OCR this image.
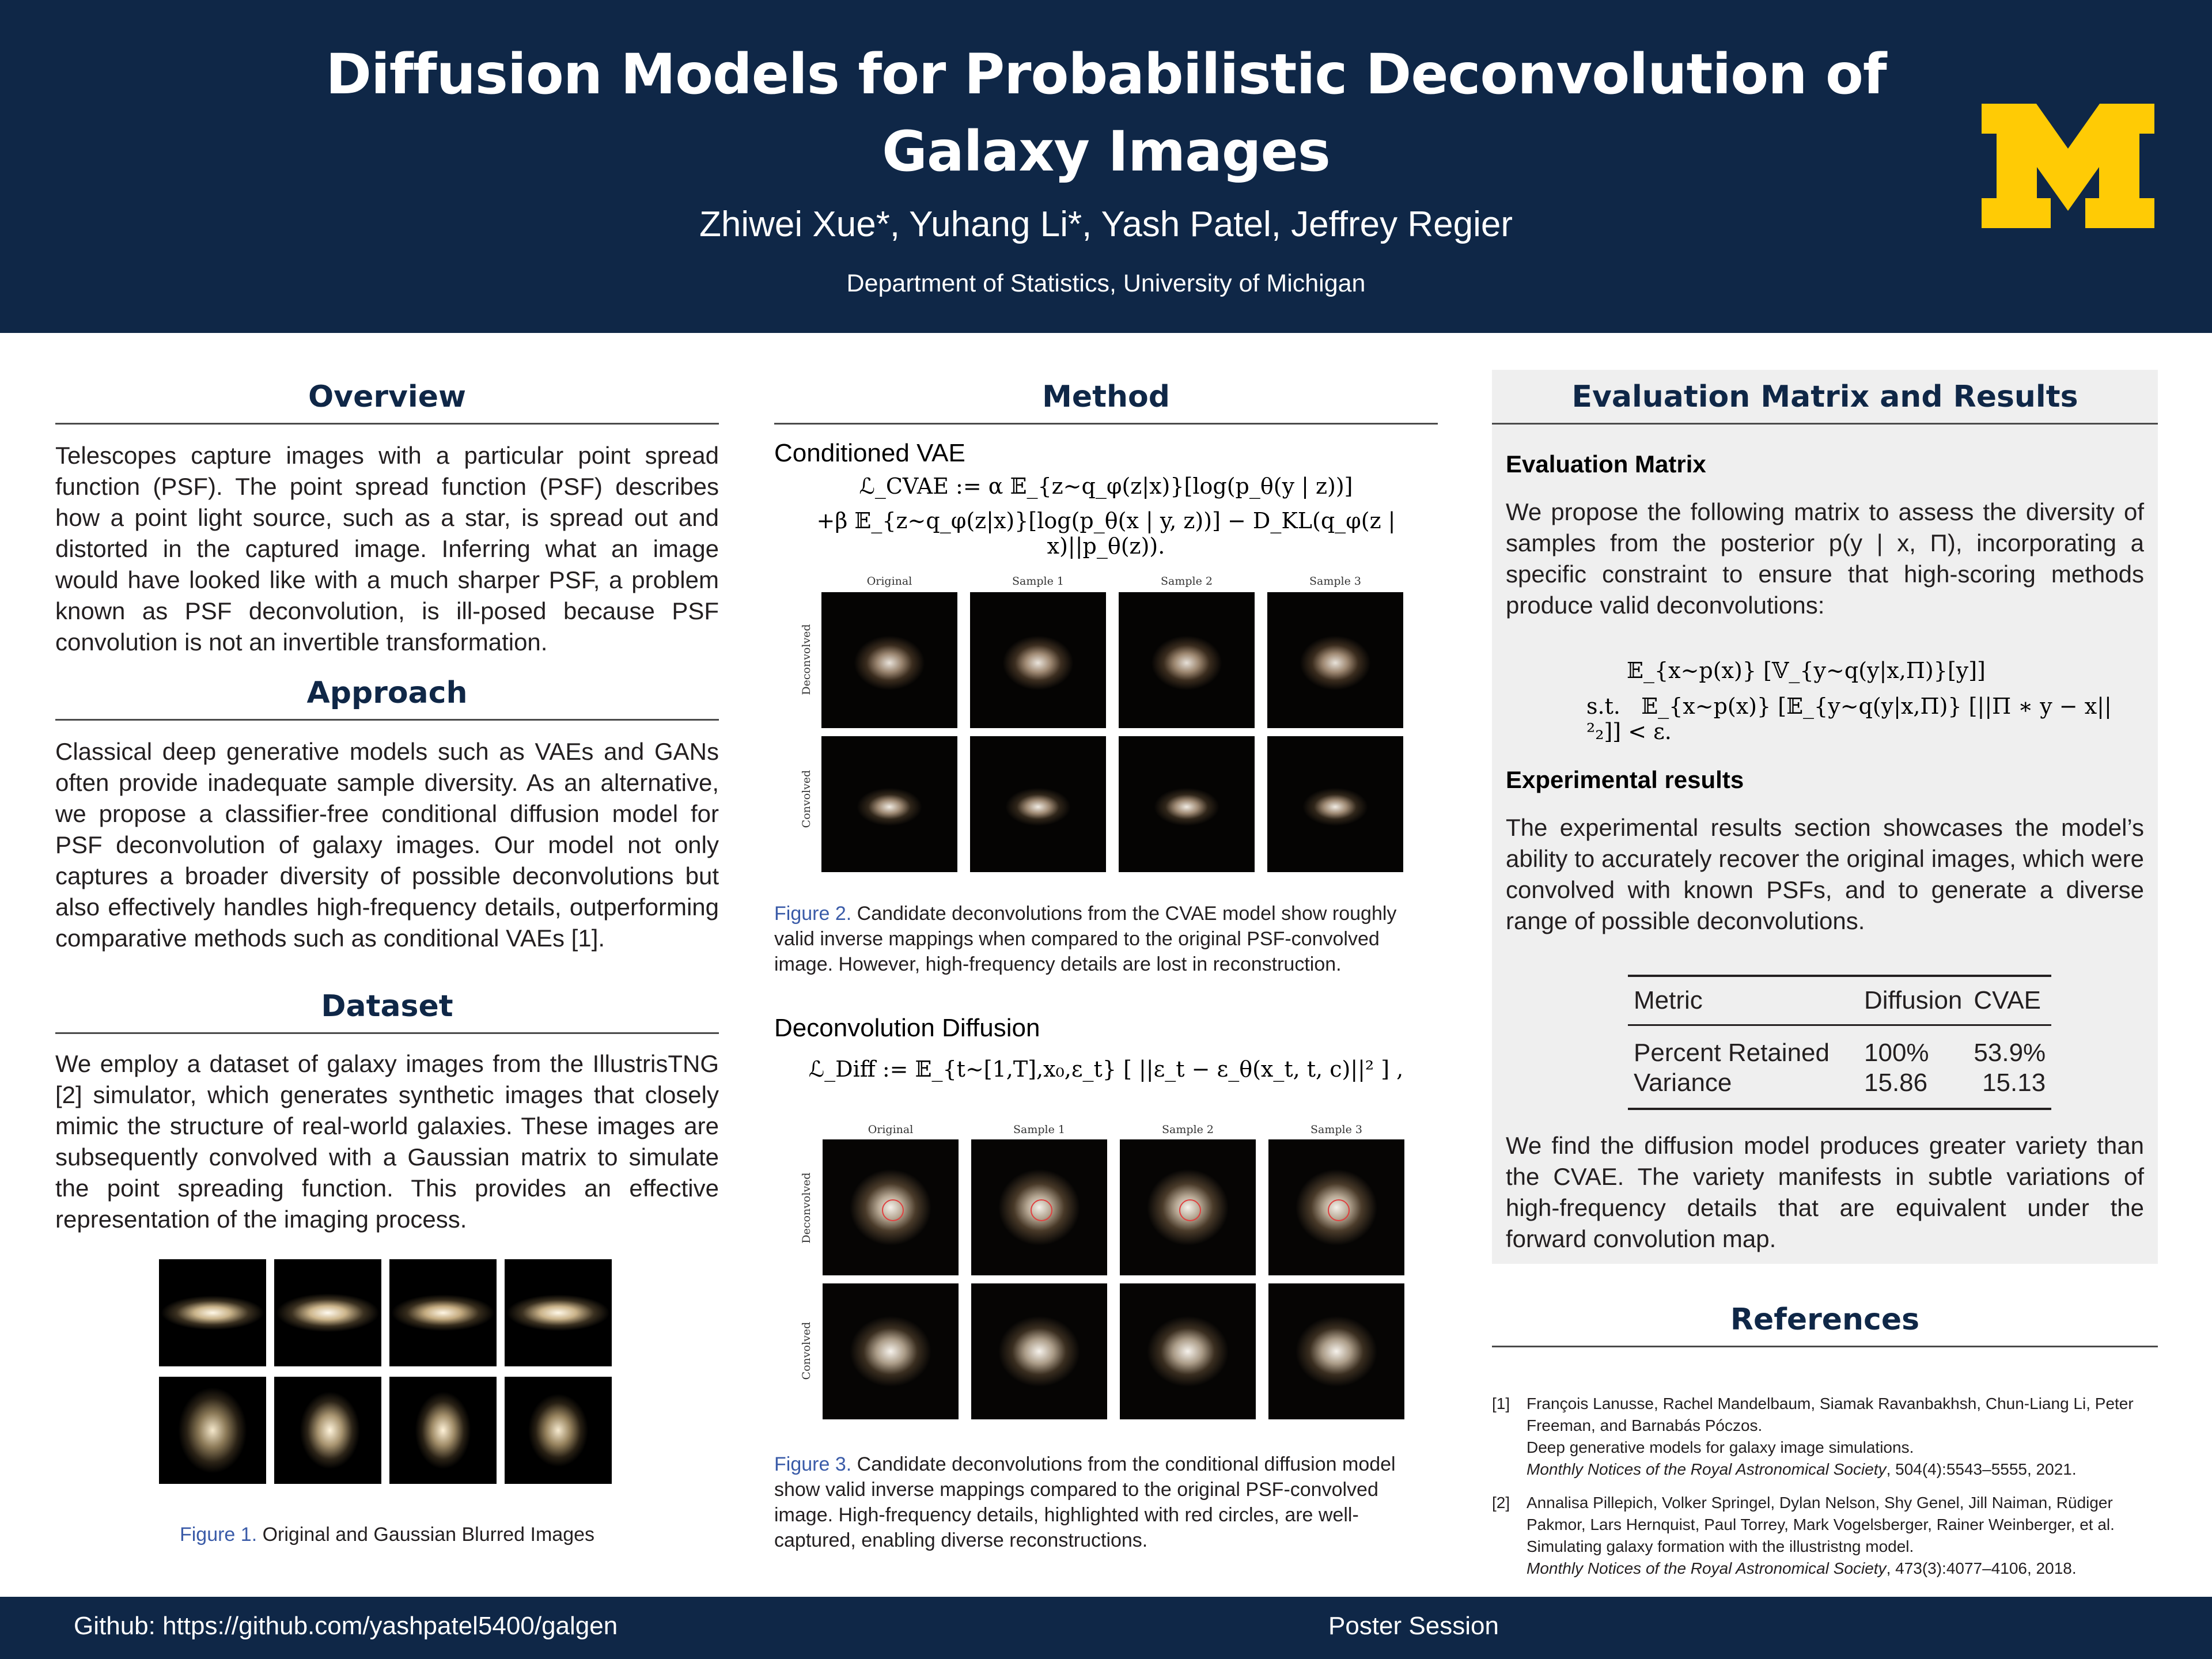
Diffusion Models for Probabilistic Deconvolution of
Galaxy Images
Zhiwei Xue*, Yuhang Li*, Yash Patel, Jeffrey Regier
Department of Statistics, University of Michigan
Overview
Telescopes capture images with a particular point spread function (PSF). The point spread function (PSF) describes how a point light source, such as a star, is spread out and distorted in the captured image. Inferring what an image would have looked like with a much sharper PSF, a problem known as PSF deconvolution, is ill-posed because PSF convolution is not an invertible transformation.
Approach
Classical deep generative models such as VAEs and GANs often provide inadequate sample diversity. As an alternative, we propose a classifier-free conditional diffusion model for PSF deconvolution of galaxy images. Our model not only captures a broader diversity of possible deconvolutions but also effectively handles high-frequency details, outperforming comparative methods such as conditional VAEs [1].
Dataset
We employ a dataset of galaxy images from the IllustrisTNG [2] simulator, which generates synthetic images that closely mimic the structure of real-world galaxies. These images are subsequently convolved with a Gaussian matrix to simulate the point spreading function. This provides an effective representation of the imaging process.
Figure 1. Original and Gaussian Blurred Images
Method
Conditioned VAE
ℒ_CVAE := α 𝔼_{z∼q_φ(z|x)}[log(p_θ(y | z))]
+β 𝔼_{z∼q_φ(z|x)}[log(p_θ(x | y, z))] − D_KL(q_φ(z | x)||p_θ(z)).
Original	Sample 1	Sample 2	Sample 3
Deconvolved
Convolved
Figure 2. Candidate deconvolutions from the CVAE model show roughly valid inverse mappings when compared to the original PSF-convolved image. However, high-frequency details are lost in reconstruction.
Deconvolution Diffusion
ℒ_Diff := 𝔼_{t∼[1,T],x₀,ε_t} [ ||ε_t − ε_θ(x_t, t, c)||² ] ,
Original	Sample 1	Sample 2	Sample 3
Deconvolved
Convolved
Figure 3. Candidate deconvolutions from the conditional diffusion model show valid inverse mappings compared to the original PSF-convolved image. High-frequency details, highlighted with red circles, are well-captured, enabling diverse reconstructions.
Evaluation Matrix and Results
Evaluation Matrix
We propose the following matrix to assess the diversity of samples from the posterior p(y | x, Π), incorporating a specific constraint to ensure that high-scoring methods produce valid deconvolutions:
𝔼_{x∼p(x)} [𝕍_{y∼q(y|x,Π)}[y]]
s.t. 𝔼_{x∼p(x)} [𝔼_{y∼q(y|x,Π)} [||Π ∗ y − x||²₂]] < ε.
Experimental results
The experimental results section showcases the model’s ability to accurately recover the original images, which were convolved with known PSFs, and to generate a diverse range of possible deconvolutions.
Metric	Diffusion	CVAE
Percent Retained	100%	53.9%
Variance	15.86	15.13
We find the diffusion model produces greater variety than the CVAE. The variety manifests in subtle variations of high-frequency details that are equivalent under the forward convolution map.
References
[1]	François Lanusse, Rachel Mandelbaum, Siamak Ravanbakhsh, Chun-Liang Li, Peter Freeman, and Barnabás Póczos.
Deep generative models for galaxy image simulations.
Monthly Notices of the Royal Astronomical Society, 504(4):5543–5555, 2021.
[2]	Annalisa Pillepich, Volker Springel, Dylan Nelson, Shy Genel, Jill Naiman, Rüdiger Pakmor, Lars Hernquist, Paul Torrey, Mark Vogelsberger, Rainer Weinberger, et al.
Simulating galaxy formation with the illustristng model.
Monthly Notices of the Royal Astronomical Society, 473(3):4077–4106, 2018.
Github: https://github.com/yashpatel5400/galgen	Poster Session
